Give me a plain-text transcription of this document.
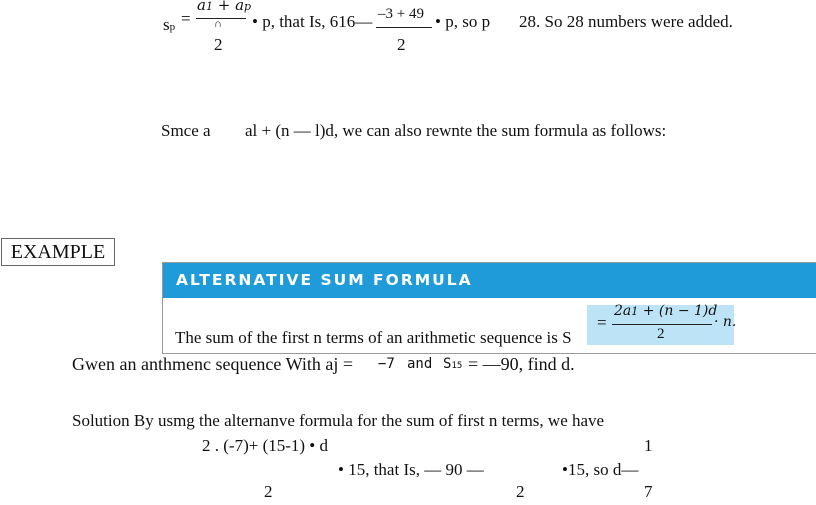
sp =
a1 + ap
∩
2
• p, that Is, 616— –3 + 49
2
• p, so p 28. So 28 numbers were added.
Smce a al + (n — l)d, we can also rewnte the sum formula as follows:
EXAMPLE
ALTERNATIVE SUM FORMULA
The sum of the first n terms of an arithmetic sequence is S
=
2a1 + (n − 1)d
2
· n.
Gwen an anthmenc sequence With aj = −7 and S15 = —90, find d.
Solution By usmg the alternanve formula for the sum of first n terms, we have
2 . (-7)+ (15-1) • d	1
• 15, that Is, — 90 —	•15, so d—
2	2	7
